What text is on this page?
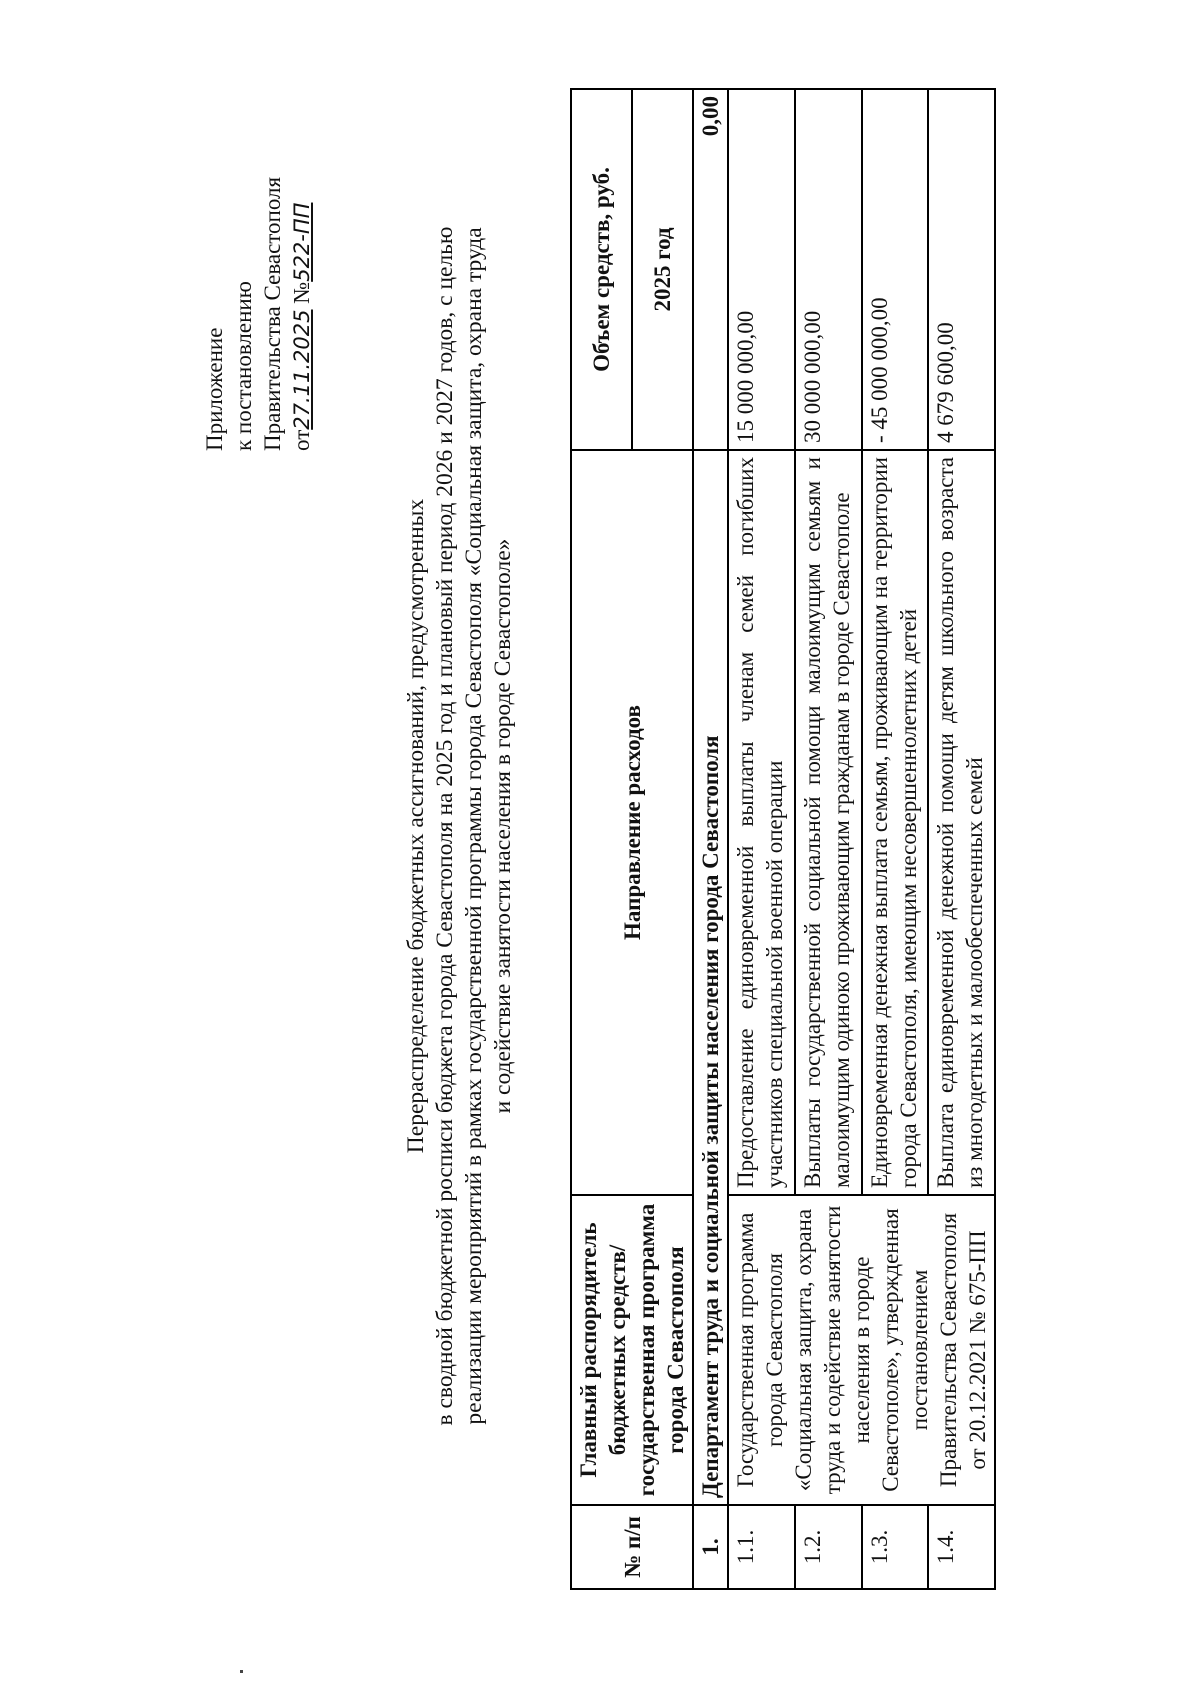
Приложение к постановлению Правительства Севастополя от27.11.2025 №522-ПП
Перераспределение бюджетных ассигнований, предусмотренных в сводной бюджетной росписи бюджета города Севастополя на 2025 год и плановый период 2026 и 2027 годов, с целью реализации мероприятий в рамках государственной программы города Севастополя «Социальная защита, охрана труда и содействие занятости населения в городе Севастополе»
№ п/п	Главный распорядитель бюджетных средств/ государственная программа города Севастополя	Направление расходов	Объем средств, руб.
			2025 год
1.	Департамент труда и социальной защиты населения города Севастополя		0,00
1.1.	Государственная программа города Севастополя «Социальная защита, охрана труда и содействие занятости населения в городе Севастополе», утвержденная постановлением Правительства Севастополя от 20.12.2021 № 675-ПП	Предоставление единовременной выплаты членам семей погибших участников специальной военной операции	15 000 000,00
1.2.		Выплаты государственной социальной помощи малоимущим семьям и малоимущим одиноко проживающим гражданам в городе Севастополе	30 000 000,00
1.3.		Единовременная денежная выплата семьям, проживающим на территории города Севастополя, имеющим несовершеннолетних детей	- 45 000 000,00
1.4.		Выплата единовременной денежной помощи детям школьного возраста из многодетных и малообеспеченных семей	4 679 600,00
